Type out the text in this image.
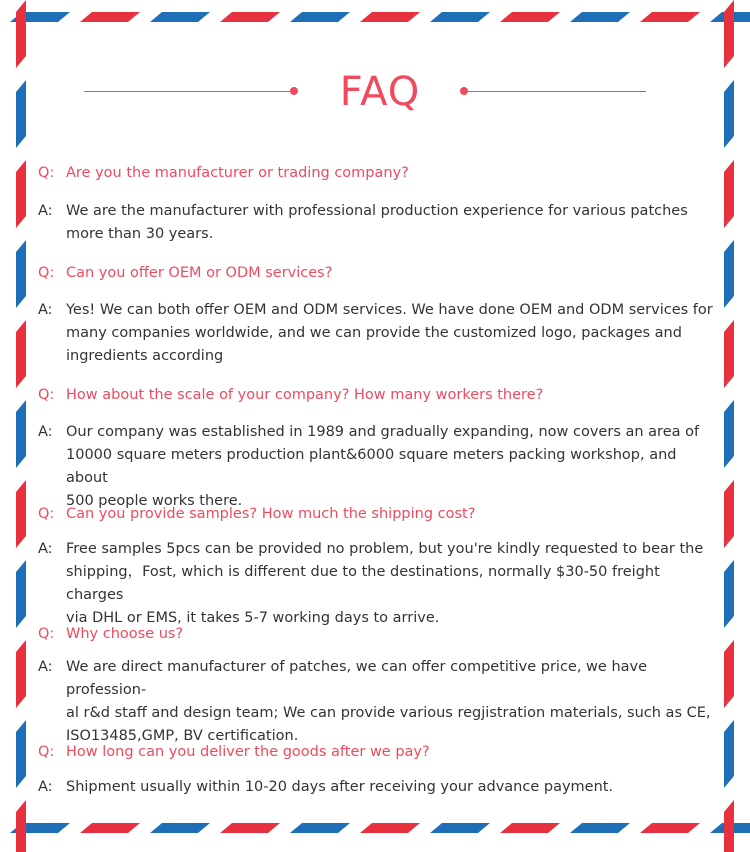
FAQ
Q: Are you the manufacturer or trading company?
A: We are the manufacturer with professional production experience for various patches
more than 30 years.
Q: Can you offer OEM or ODM services?
A: Yes! We can both offer OEM and ODM services. We have done OEM and ODM services for
many companies worldwide, and we can provide the customized logo, packages and
ingredients according
Q: How about the scale of your company? How many workers there?
A: Our company was established in 1989 and gradually expanding, now covers an area of
10000 square meters production plant&6000 square meters packing workshop, and about
500 people works there.
Q: Can you provide samples? How much the shipping cost?
A: Free samples 5pcs can be provided no problem, but you're kindly requested to bear the
shipping，Fost, which is different due to the destinations, normally $30-50 freight charges
via DHL or EMS, it takes 5-7 working days to arrive.
Q: Why choose us?
A: We are direct manufacturer of patches, we can offer competitive price, we have profession-
al r&d staff and design team; We can provide various regjistration materials, such as CE,
ISO13485,GMP, BV certification.
Q: How long can you deliver the goods after we pay?
A: Shipment usually within 10-20 days after receiving your advance payment.
